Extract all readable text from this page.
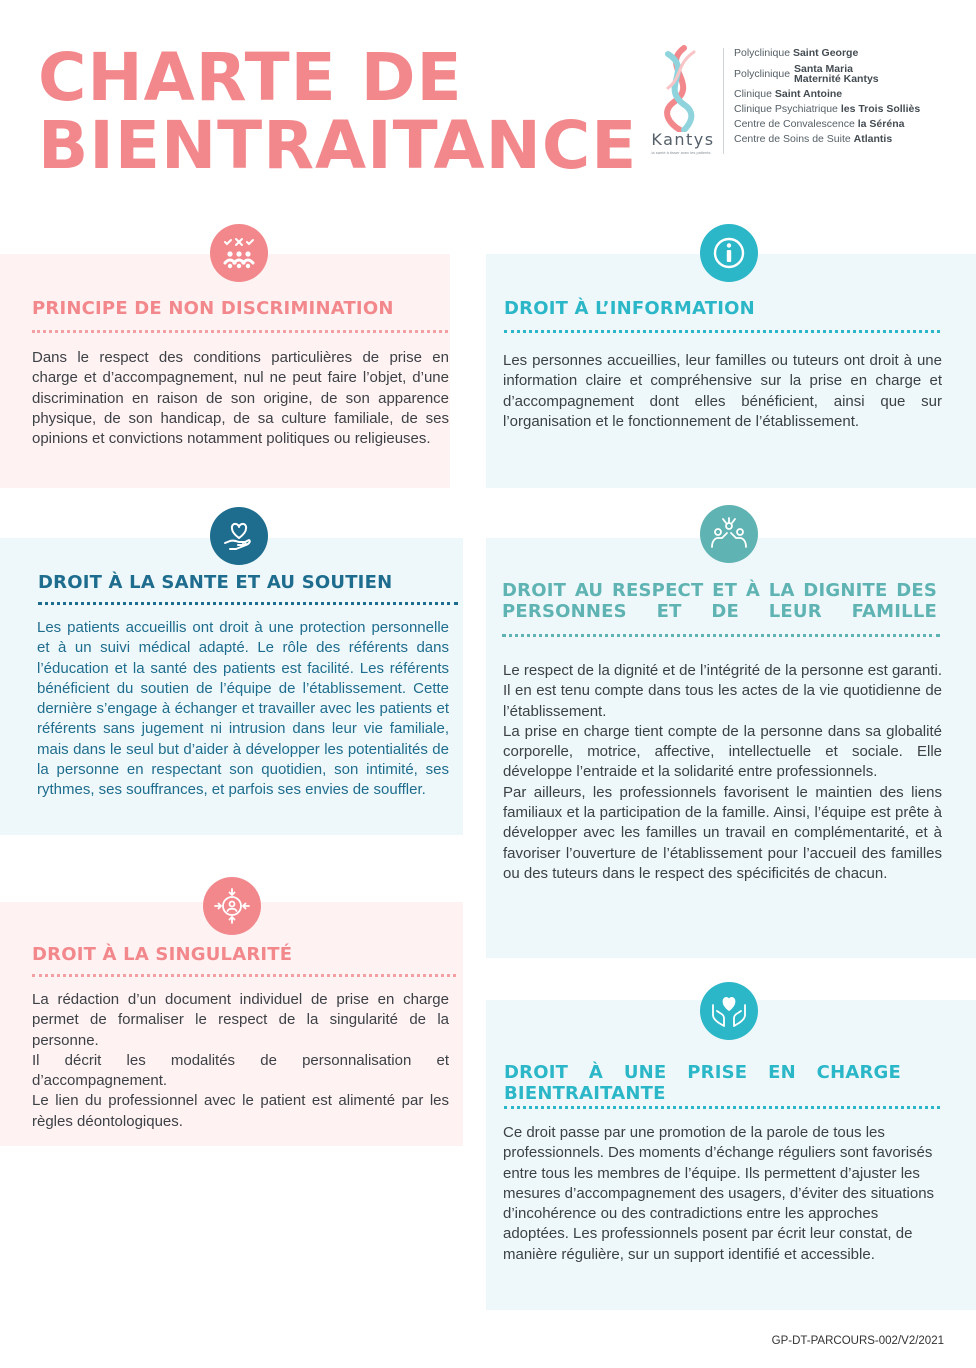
CHARTE DE
BIENTRAITANCE Kantys
la santé à tisser avec les patients
Polyclinique Saint George
Polyclinique Santa Maria
Maternité Kantys
Clinique Saint Antoine
Clinique Psychiatrique les Trois Solliès
Centre de Convalescence la Séréna
Centre de Soins de Suite Atlantis
PRINCIPE DE NON DISCRIMINATION

Dans le respect des conditions particulières de prise en charge et d’accompagnement, nul ne peut faire l’objet, d’une discrimination en raison de son origine, de son apparence physique, de son handicap, de sa culture familiale, de ses opinions et convictions notamment politiques ou religieuses.

DROIT À L’INFORMATION

Les personnes accueillies, leur familles ou tuteurs ont droit à une information claire et compréhensive sur la prise en charge et d’accompagnement dont elles bénéficient, ainsi que sur l’organisation et le fonctionnement de l’établissement.

DROIT À LA SANTE ET AU SOUTIEN

Les patients accueillis ont droit à une protection personnelle et à un suivi médical adapté. Le rôle des référents dans l’éducation et la santé des patients est facilité. Les référents bénéficient du soutien de l’équipe de l’établissement. Cette dernière s’engage à échanger et travailler avec les patients et référents sans jugement ni intrusion dans leur vie familiale, mais dans le seul but d’aider à développer les potentialités de la personne en respectant son quotidien, son intimité, ses rythmes, ses souffrances, et parfois ses envies de souffler.

DROIT AU RESPECT ET À LA DIGNITE DES
PERSONNES ET DE LEUR FAMILLE

Le respect de la dignité et de l’intégrité de la personne est garanti. Il en est tenu compte dans tous les actes de la vie quotidienne de l’établissement.

La prise en charge tient compte de la personne dans sa globalité corporelle, motrice, affective, intellectuelle et sociale. Elle développe l’entraide et la solidarité entre professionnels.

Par ailleurs, les professionnels favorisent le maintien des liens familiaux et la participation de la famille. Ainsi, l’équipe est prête à développer avec les familles un travail en complémentarité, et à favoriser l’ouverture de l’établissement pour l’accueil des familles ou des tuteurs dans le respect des spécificités de chacun.

DROIT À LA SINGULARITÉ

La rédaction d’un document individuel de prise en charge permet de formaliser le respect de la singularité de la personne.

Il décrit les modalités de personnalisation et d’accompagnement.

Le lien du professionnel avec le patient est alimenté par les règles déontologiques.

DROIT À UNE PRISE EN CHARGE
BIENTRAITANTE

Ce droit passe par une promotion de la parole de tous les professionnels. Des moments d’échange réguliers sont favorisés entre tous les membres de l’équipe. Ils permettent d’ajuster les mesures d’accompagnement des usagers, d’éviter des situations d’incohérence ou des contradictions entre les approches adoptées. Les professionnels posent par écrit leur constat, de manière régulière, sur un support identifié et accessible.

GP-DT-PARCOURS-002/V2/2021
